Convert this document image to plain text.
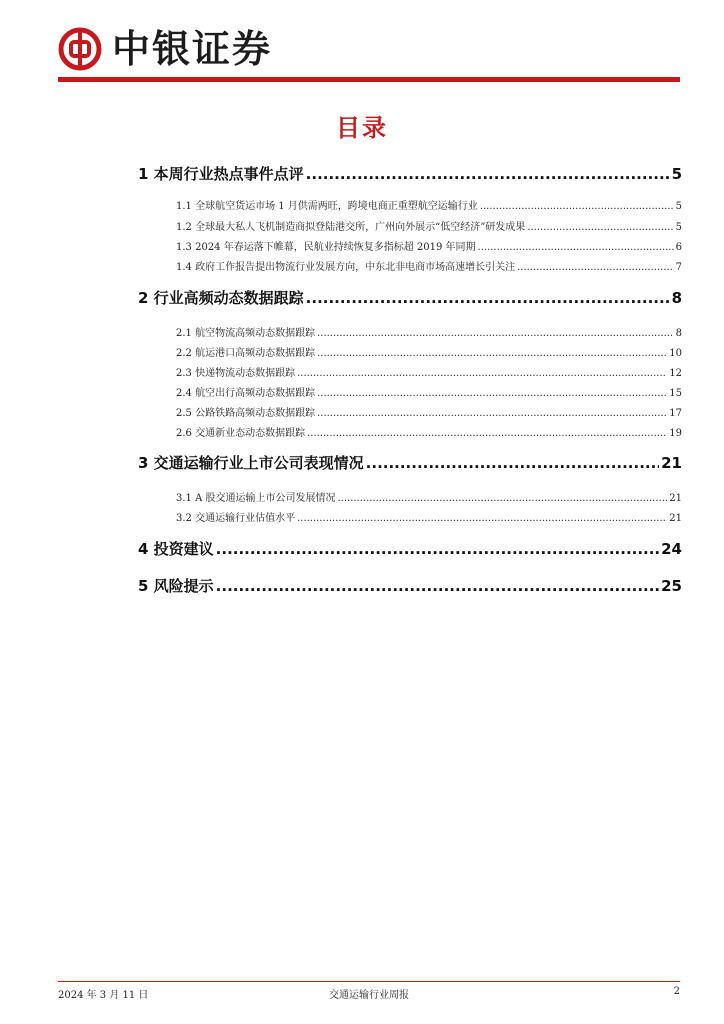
中银证券
目录
1 本周行业热点事件点评 .....	5
1.1 全球航空货运市场 1 月供需两旺，跨境电商正重塑航空运输行业 .....	5
1.2 全球最大私人飞机制造商拟登陆港交所，广州向外展示“低空经济”研发成果 .....	5
1.3 2024 年春运落下帷幕，民航业持续恢复多指标超 2019 年同期 .....	6
1.4 政府工作报告提出物流行业发展方向，中东北非电商市场高速增长引关注 .....	7
2 行业高频动态数据跟踪 .....	8
2.1 航空物流高频动态数据跟踪 .....	8
2.2 航运港口高频动态数据跟踪 .....	10
2.3 快递物流动态数据跟踪 .....	12
2.4 航空出行高频动态数据跟踪 .....	15
2.5 公路铁路高频动态数据跟踪 .....	17
2.6 交通新业态动态数据跟踪 .....	19
3 交通运输行业上市公司表现情况 .....	21
3.1 A 股交通运输上市公司发展情况 .....	21
3.2 交通运输行业估值水平 .....	21
4 投资建议 .....	24
5 风险提示 .....	25
2024 年 3 月 11 日	交通运输行业周报	2
